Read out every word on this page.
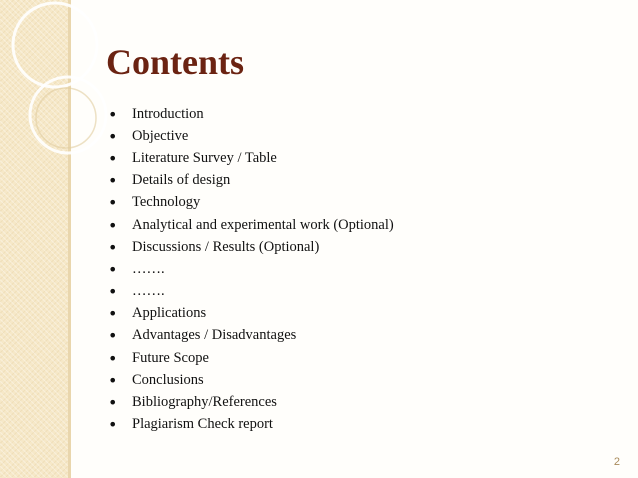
Contents
•	Introduction
•	Objective
•	Literature Survey / Table
•	Details of design
•	Technology
•	Analytical and experimental work (Optional)
•	Discussions / Results (Optional)
•	…….
•	…….
•	Applications
•	Advantages / Disadvantages
•	Future Scope
•	Conclusions
•	Bibliography/References
•	Plagiarism Check report
2
